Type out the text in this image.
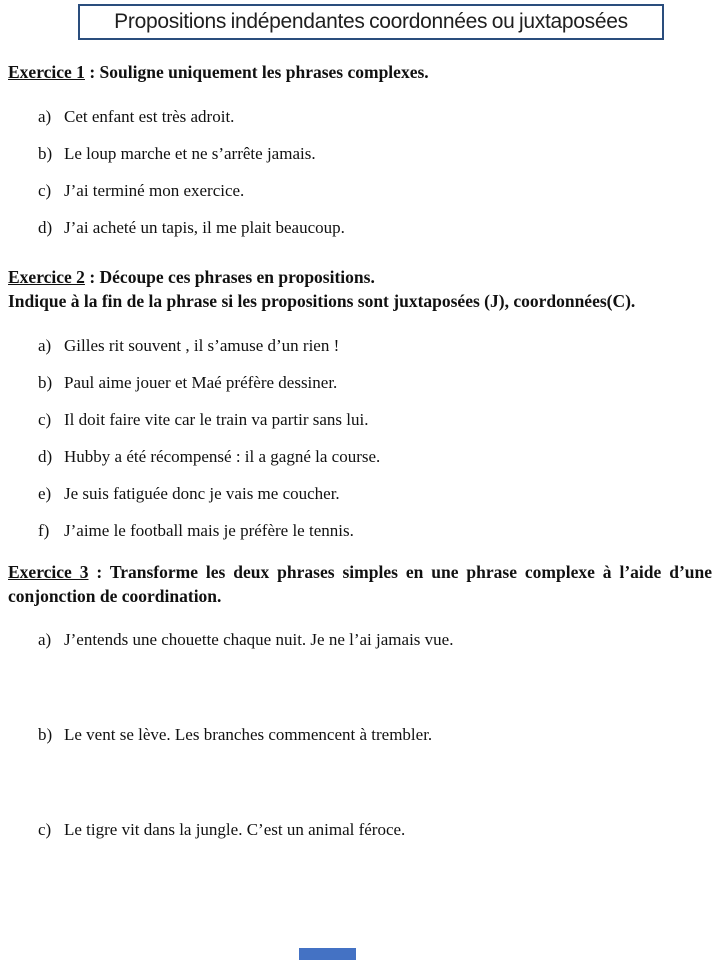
Propositions indépendantes coordonnées ou juxtaposées
Exercice 1 : Souligne uniquement les phrases complexes.
a) Cet enfant est très adroit.
b) Le loup marche et ne s’arrête jamais.
c) J’ai terminé mon exercice.
d) J’ai acheté un tapis, il me plait beaucoup.
Exercice 2 : Découpe ces phrases en propositions.
Indique à la fin de la phrase si les propositions sont juxtaposées (J), coordonnées(C).
a) Gilles rit souvent , il s’amuse d’un rien !
b) Paul aime jouer et Maé préfère dessiner.
c) Il doit faire vite car le train va partir sans lui.
d) Hubby a été récompensé : il a gagné la course.
e) Je suis fatiguée donc je vais me coucher.
f) J’aime le football mais je préfère le tennis.
Exercice 3 : Transforme les deux phrases simples en une phrase complexe à l’aide d’une conjonction de coordination.
a) J’entends une chouette chaque nuit. Je ne l’ai jamais vue.
b) Le vent se lève. Les branches commencent à trembler.
c) Le tigre vit dans la jungle. C’est un animal féroce.
